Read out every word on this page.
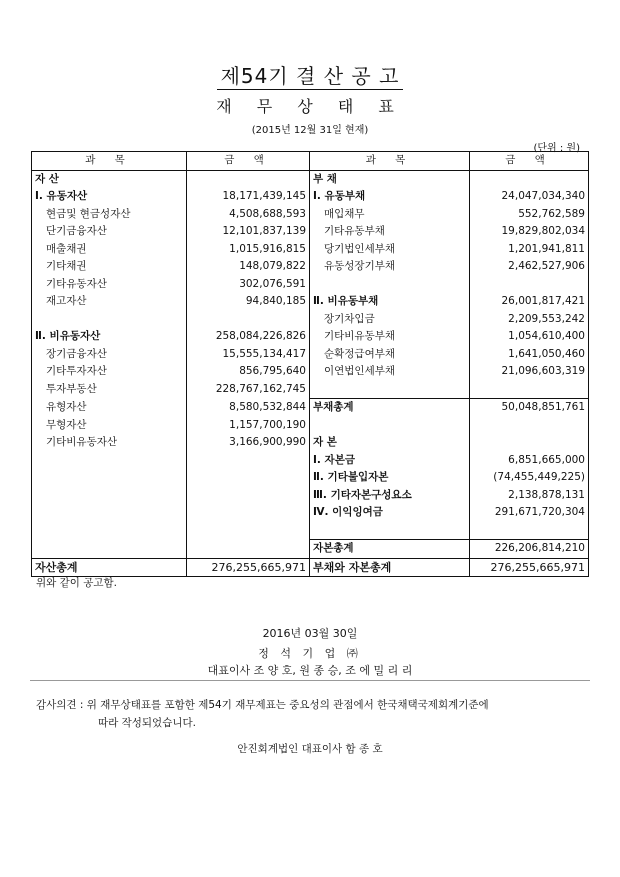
제54기 결 산 공 고
재 무 상 태 표
(2015년 12월 31일 현재)
(단위 : 원)
과 목	금 액	과 목	금 액
자 산		부 채	
Ⅰ. 유동자산	18,171,439,145	Ⅰ. 유동부채	24,047,034,340
현금및 현금성자산	4,508,688,593	매입채무	552,762,589
단기금융자산	12,101,837,139	기타유동부채	19,829,802,034
매출채권	1,015,916,815	당기법인세부채	1,201,941,811
기타채권	148,079,822	유동성장기부채	2,462,527,906
기타유동자산	302,076,591		
재고자산	94,840,185	Ⅱ. 비유동부채	26,001,817,421
		장기차입금	2,209,553,242
Ⅱ. 비유동자산	258,084,226,826	기타비유동부채	1,054,610,400
장기금융자산	15,555,134,417	순확정급여부채	1,641,050,460
기타투자자산	856,795,640	이연법인세부채	21,096,603,319
투자부동산	228,767,162,745		
유형자산	8,580,532,844	부채총계	50,048,851,761
무형자산	1,157,700,190		
기타비유동자산	3,166,900,990	자 본	
		Ⅰ. 자본금	6,851,665,000
		Ⅱ. 기타불입자본	(74,455,449,225)
		Ⅲ. 기타자본구성요소	2,138,878,131
		Ⅳ. 이익잉여금	291,671,720,304

		자본총계	226,206,814,210
자산총계	276,255,665,971	부채와 자본총계	276,255,665,971
위와 같이 공고함.
2016년 03월 30일
정 석 기 업 ㈜
대표이사 조 양 호, 원 종 승, 조 에 밀 리 리
감사의견 : 위 재무상태표를 포함한 제54기 재무제표는 중요성의 관점에서 한국채택국제회계기준에
따라 작성되었습니다.
안진회계법인 대표이사 함 종 호
